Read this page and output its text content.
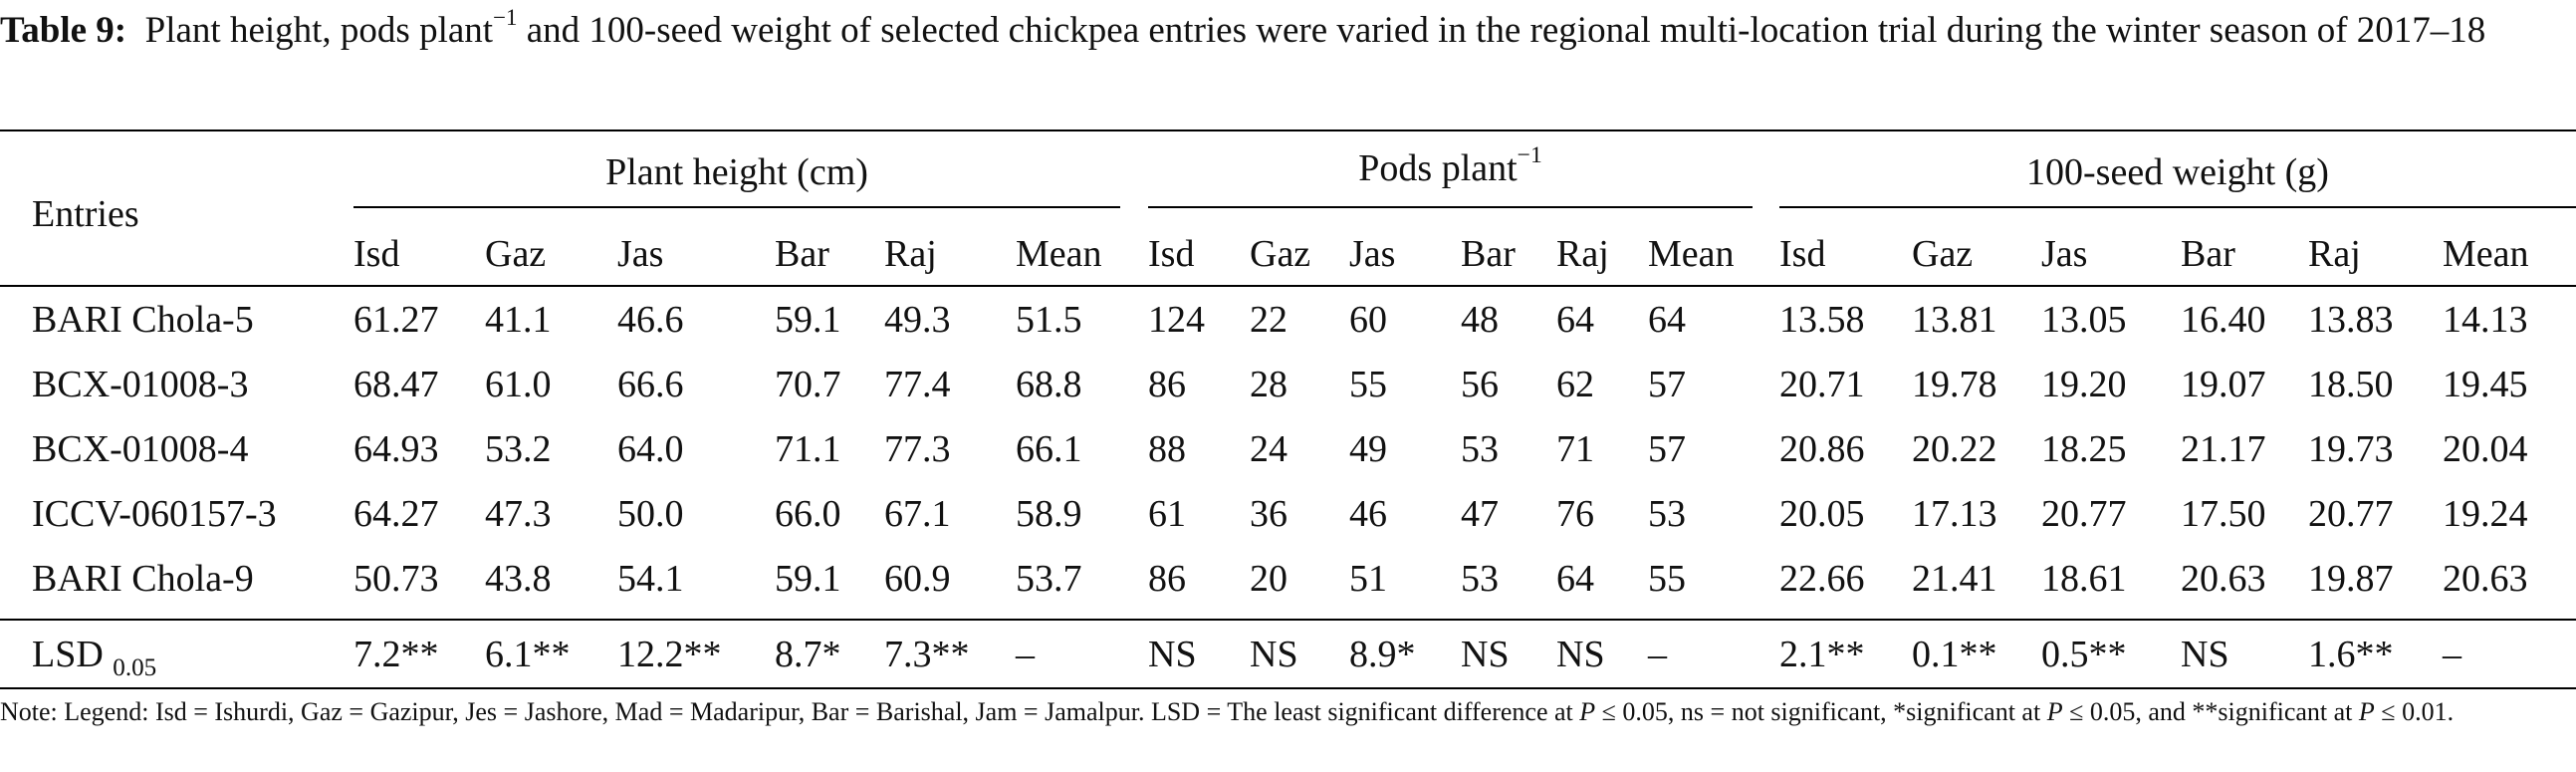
Table 9: Plant height, pods plant$^{-1}$ and 100-seed weight of selected chickpea entries were varied in the regional multi-location trial during the winter season of 2017–18
Entries
Plant height (cm)	Pods plant$^{-1}$	100-seed weight (g)
Isd Gaz Jas	Bar Raj Mean Isd Gaz Jas Bar Raj Mean Isd Gaz Jas Bar Raj Mean
BARI Chola-5	61.27 41.1 46.6 59.1 49.3 51.5 124 22 60 48 64 64 13.58 13.81 13.05 16.40 13.83 14.13
BCX-01008-3	68.47 61.0 66.6 70.7 77.4 68.8 86 28 55 56 62 57 20.71 19.78 19.20 19.07 18.50 19.45
BCX-01008-4	64.93 53.2 64.0 71.1 77.3 66.1 88 24 49 53 71 57 20.86 20.22 18.25 21.17 19.73 20.04
ICCV-060157-3 64.27 47.3 50.0 66.0 67.1 58.9 61 36 46 47 76 53 20.05 17.13 20.77 17.50 20.77 19.24
BARI Chola-9	50.73 43.8 54.1 59.1 60.9 53.7 86 20 51 53 64 55 22.66 21.41 18.61 20.63 19.87 20.63
LSD $_{0.05}$	7.2** 6.1** 12.2** 8.7* 7.3** –	NS NS 8.9* NS NS –	2.1** 0.1** 0.5** NS 1.6** –
Note: Legend: Isd = Ishurdi, Gaz = Gazipur, Jes = Jashore, Mad = Madaripur, Bar = Barishal, Jam = Jamalpur. LSD = The least significant difference at P ≤ 0.05, ns = not significant, *significant at P ≤ 0.05, and **significant at P ≤ 0.01.
